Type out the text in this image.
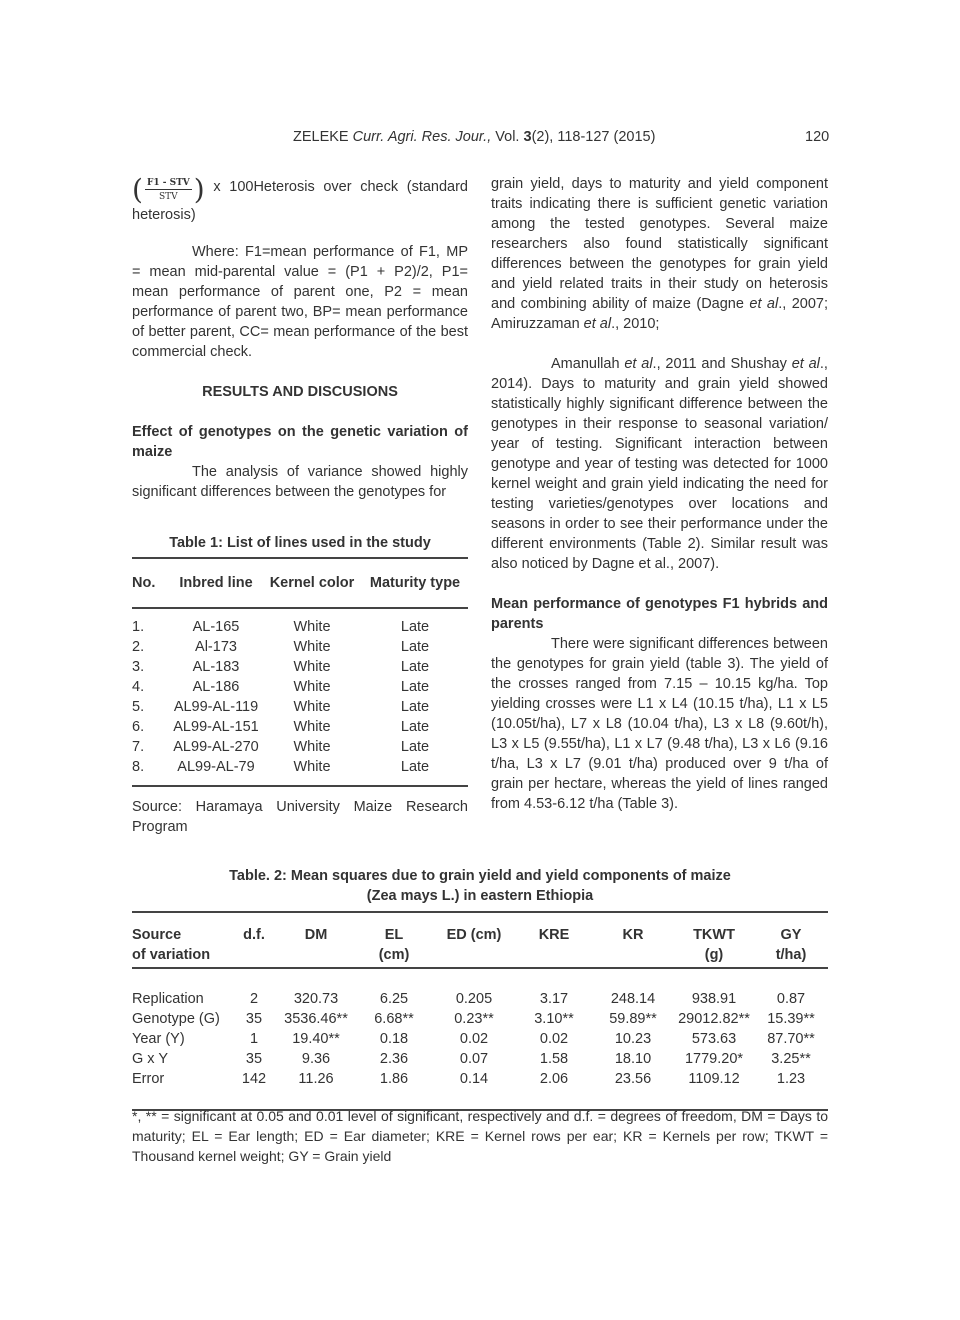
ZELEKE Curr. Agri. Res. Jour., Vol. 3(2), 118-127 (2015)	120

( $\frac{\text{F1 - STV}}{\text{STV}}$ ) x 100Heterosis over check (standard heterosis)

Where: F1=mean performance of F1, MP = mean mid-parental value = (P1 + P2)/2, P1= mean performance of parent one, P2 = mean performance of parent two, BP= mean performance of better parent, CC= mean performance of the best commercial check.

RESULTS AND DISCUSIONS

Effect of genotypes on the genetic variation of maize

The analysis of variance showed highly significant differences between the genotypes for

Table 1: List of lines used in the study
No.	Inbred line	Kernel color	Maturity type
1.	AL-165	White	Late
2.	Al-173	White	Late
3.	AL-183	White	Late
4.	AL-186	White	Late
5.	AL99-AL-119	White	Late
6.	AL99-AL-151	White	Late
7.	AL99-AL-270	White	Late
8.	AL99-AL-79	White	Late

Source: Haramaya University Maize Research Program

grain yield, days to maturity and yield component traits indicating there is sufficient genetic variation among the tested genotypes. Several maize researchers also found statistically significant differences between the genotypes for grain yield and yield related traits in their study on heterosis and combining ability of maize (Dagne et al., 2007; Amiruzzaman et al., 2010;

Amanullah et al., 2011 and Shushay et al., 2014). Days to maturity and grain yield showed statistically highly significant difference between the genotypes in their response to seasonal variation/ year of testing. Significant interaction between genotype and year of testing was detected for 1000 kernel weight and grain yield indicating the need for testing varieties/genotypes over locations and seasons in order to see their performance under the different environments (Table 2). Similar result was also noticed by Dagne et al., 2007).

Mean performance of genotypes F1 hybrids and parents

There were significant differences between the genotypes for grain yield (table 3). The yield of the crosses ranged from 7.15 – 10.15 kg/ha. Top yielding crosses were L1 x L4 (10.15 t/ha), L1 x L5 (10.05t/ha), L7 x L8 (10.04 t/ha), L3 x L8 (9.60t/h), L3 x L5 (9.55t/ha), L1 x L7 (9.48 t/ha), L3 x L6 (9.16 t/ha, L3 x L7 (9.01 t/ha) produced over 9 t/ha of grain per hectare, whereas the yield of lines ranged from 4.53-6.12 t/ha (Table 3).

Table. 2: Mean squares due to grain yield and yield components of maize
(Zea mays L.) in eastern Ethiopia
Source	d.f.	DM	EL	ED (cm)	KRE	KR	TKWT	GY
of variation			(cm)				(g)	t/ha)

Replication	2	320.73	6.25	0.205	3.17	248.14	938.91	0.87
Genotype (G)	35	3536.46**	6.68**	0.23**	3.10**	59.89**	29012.82**	15.39**
Year (Y)	1	19.40**	0.18	0.02	0.02	10.23	573.63	87.70**
G x Y	35	9.36	2.36	0.07	1.58	18.10	1779.20*	3.25**
Error	142	11.26	1.86	0.14	2.06	23.56	1109.12	1.23

*, ** = significant at 0.05 and 0.01 level of significant, respectively and d.f. = degrees of freedom, DM = Days to maturity; EL = Ear length; ED = Ear diameter; KRE = Kernel rows per ear; KR = Kernels per row; TKWT = Thousand kernel weight; GY = Grain yield
